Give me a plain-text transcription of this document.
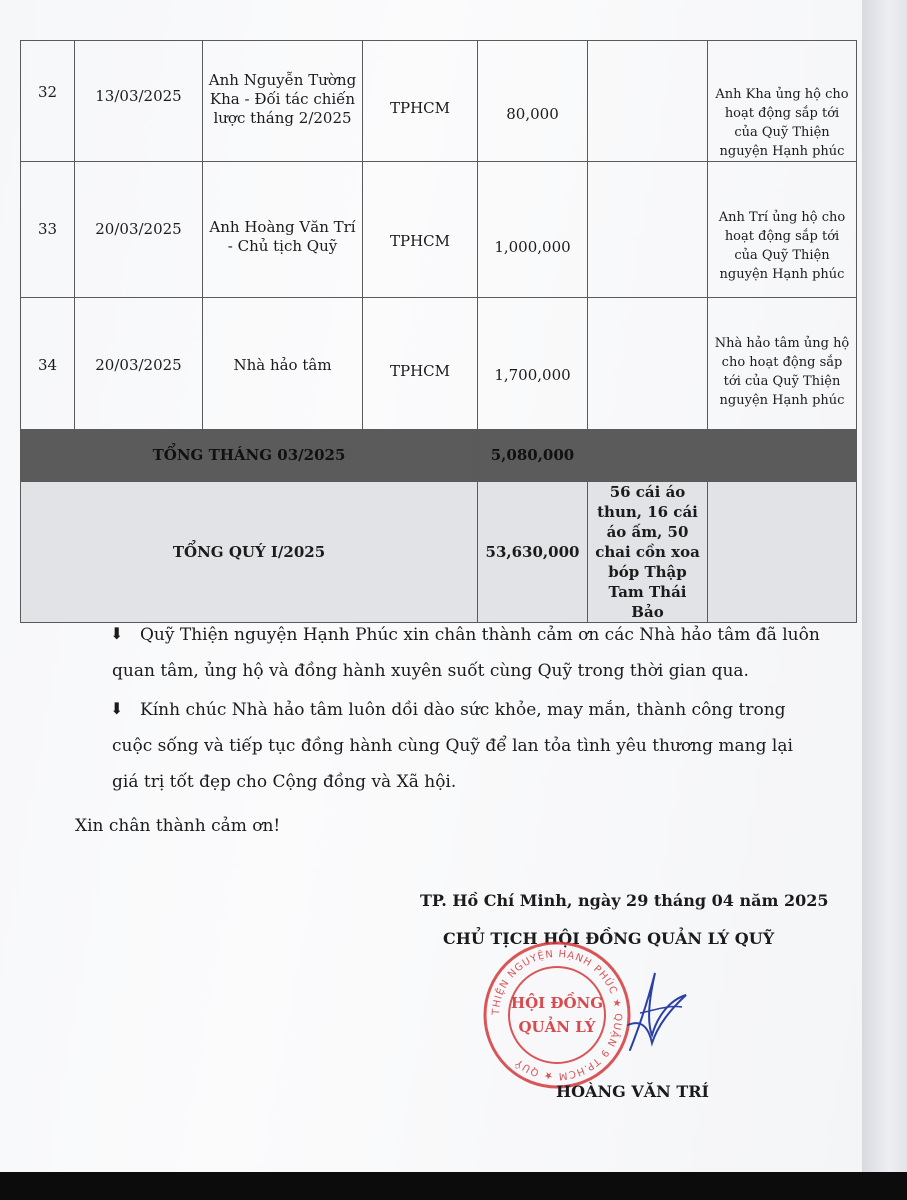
32	13/03/2025	Anh Nguyễn Tường Kha - Đối tác chiến lược tháng 2/2025	TPHCM	80,000		Anh Kha ủng hộ cho hoạt động sắp tới của Quỹ Thiện nguyện Hạnh phúc
33	20/03/2025	Anh Hoàng Văn Trí - Chủ tịch Quỹ	TPHCM	1,000,000		Anh Trí ủng hộ cho hoạt động sắp tới của Quỹ Thiện nguyện Hạnh phúc
34	20/03/2025	Nhà hảo tâm	TPHCM	1,700,000		Nhà hảo tâm ủng hộ cho hoạt động sắp tới của Quỹ Thiện nguyện Hạnh phúc
TỔNG THÁNG 03/2025				5,080,000		
TỔNG QUÝ I/2025				53,630,000	56 cái áo thun, 16 cái áo ấm, 50 chai cồn xoa bóp Thập Tam Thái Bảo	
⬇ Quỹ Thiện nguyện Hạnh Phúc xin chân thành cảm ơn các Nhà hảo tâm đã luôn quan tâm, ủng hộ và đồng hành xuyên suốt cùng Quỹ trong thời gian qua.
⬇ Kính chúc Nhà hảo tâm luôn dồi dào sức khỏe, may mắn, thành công trong cuộc sống và tiếp tục đồng hành cùng Quỹ để lan tỏa tình yêu thương mang lại giá trị tốt đẹp cho Cộng đồng và Xã hội.
Xin chân thành cảm ơn!
TP. Hồ Chí Minh, ngày 29 tháng 04 năm 2025
CHỦ TỊCH HỘI ĐỒNG QUẢN LÝ QUỸ
THIỆN NGUYỆN HẠNH PHÚC ★ QUẬN 9 TP.HCM ★ QUỸ
HỘI ĐỒNG
QUẢN LÝ
HOÀNG VĂN TRÍ
